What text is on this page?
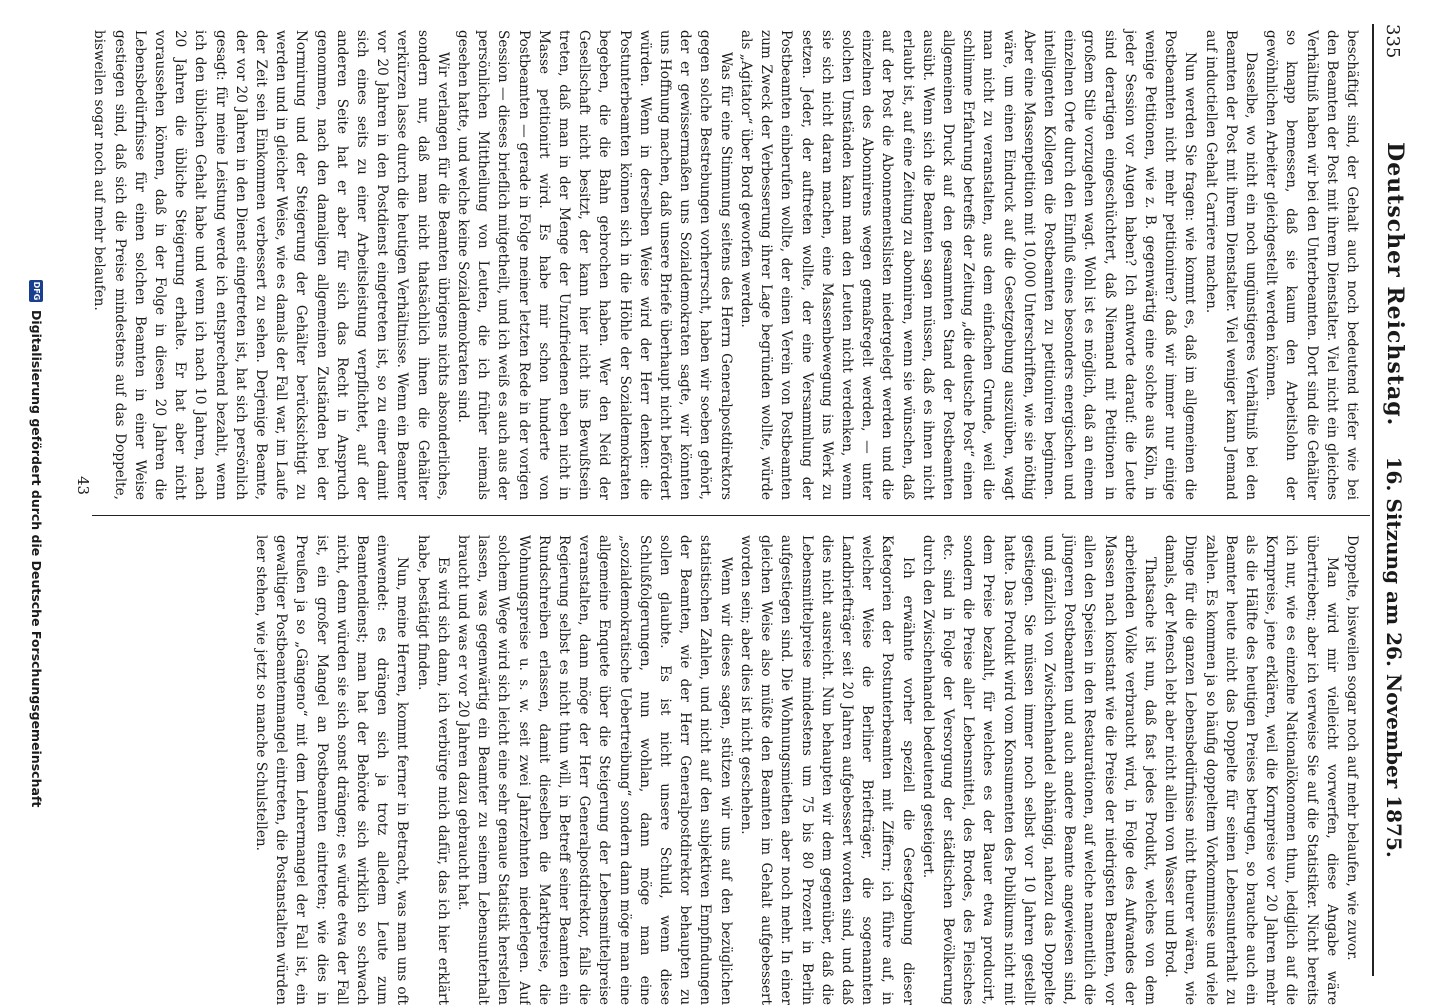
335
Deutscher Reichstag.

16. Sitzung am 26. November 1875.

beschäftigt sind, der Gehalt auch noch bedeutend tiefer wie bei den Beamten der Post mit ihrem Dienstalter. Viel nicht ein gleiches Verhältniß haben wir bei den Unterbeamten. Dort sind die Gehälter so knapp bemessen, daß sie kaum den Arbeitslohn der gewöhnlichen Arbeiter gleichgestellt werden können.

Dasselbe, wo nicht ein noch ungünstigeres Verhältniß bei den Beamten der Post mit ihrem Dienstalter. Viel weniger kann Jemand auf inductiellen Gehalt Carriere machen.

Nun werden Sie fragen: wie kommt es, daß im allgemeinen die Postbeamten nicht mehr petitioniren? daß wir immer nur einige wenige Petitionen, wie z. B. gegenwärtig eine solche aus Köln, in jeder Session vor Augen haben? Ich antworte darauf: die Leute sind derartigen eingeschüchtert, daß Niemand mit Petitionen in großem Stile vorzugehen wagt. Wohl ist es möglich, daß an einem einzelnen Orte durch den Einfluß eines besonders energischen und intelligenten Kollegen die Postbeamten zu petitioniren beginnen. Aber eine Massenpetition mit 10,000 Unterschriften, wie sie nöthig wäre, um einen Eindruck auf die Gesetzgebung auszuüben, wagt man nicht zu veranstalten, aus dem einfachen Grunde, weil die schlimme Erfahrung betreffs der Zeitung „die deutsche Post“ einen allgemeinen Druck auf den gesammten Stand der Postbeamten ausübt. Wenn sich die Beamten sagen müssen, daß es ihnen nicht erlaubt ist, auf eine Zeitung zu abonniren, wenn sie wünschen, daß auf der Post die Abonnementslisten niedergelegt werden und die einzelnen des Abonnirens wegen gemaßregelt werden, — unter solchen Umständen kann man den Leuten nicht verdenken, wenn sie sich nicht daran machen, eine Massenbewegung ins Werk zu setzen. Jeder, der auftreten wollte, der eine Versammlung der Postbeamten einberufen wollte, der einen Verein von Postbeamten zum Zweck der Verbesserung ihrer Lage begründen wollte, würde als „Agitator“ über Bord geworfen werden.

Was für eine Stimmung seitens des Herrn Generalpostdirektors gegen solche Bestrebungen vorherrscht, haben wir soeben gehört, der er gewissermaßen uns Sozialdemokraten sagte, wir könnten uns Hoffnung machen, daß unsere Briefe überhaupt nicht befördert würden. Wenn in derselben Weise wird der Herr denken: die Postunterbeamten können sich in die Höhle der Sozialdemokraten begeben, die die Bahn gebrochen haben. Wer den Neid der Gesellschaft nicht besitzt, der kann hier nicht ins Bewußtsein treten, daß man in der Menge der Unzufriedenen eben nicht in Masse petitionirt wird. Es habe mir schon hunderte von Postbeamten — gerade in Folge meiner letzten Rede in der vorigen Session — dieses brieflich mitgetheilt, und ich weiß es auch aus der persönlichen Mittheilung von Leuten, die ich früher niemals gesehen hatte, und welche keine Sozialdemokraten sind.

Wir verlangen für die Beamten übrigens nichts absonderliches, sondern nur, daß man nicht thatsächlich ihnen die Gehälter verkürzen lasse durch die heutigen Verhältnisse. Wenn ein Beamter vor 20 Jahren in den Postdienst eingetreten ist, so zu einer damit sich eines seits zu einer Arbeitsleistung verpflichtet, auf der anderen Seite hat er aber für sich das Recht in Anspruch genommen, nach den damaligen allgemeinen Zuständen bei der Normirung und der Steigerung der Gehälter berücksichtigt zu werden und in gleicher Weise, wie es damals der Fall war, im Laufe der Zeit sein Einkommen verbessert zu sehen. Derjenige Beamte, der vor 20 Jahren in den Dienst eingetreten ist, hat sich persönlich gesagt: für meine Leistung werde ich entsprechend bezahlt, wenn ich den üblichen Gehalt habe und wenn ich nach 10 Jahren, nach 20 Jahren die übliche Steigerung erhalte. Er hat aber nicht voraussehen können, daß in der Folge in diesen 20 Jahren die Lebensbedürfnisse für einen solchen Beamten in einer Weise gestiegen sind, daß sich die Preise mindestens auf das Doppelte, bisweilen sogar noch auf mehr belaufen.

Doppelte, bisweilen sogar noch auf mehr belaufen, wie zuvor.

Man wird mir vielleicht vorwerfen, diese Angabe wäre übertrieben; aber ich verweise Sie auf die Statistiker. Nicht bereits ich nur, wie es einzelne Nationalökonomen thun, lediglich auf die Kornpreise, jene erklären, weil die Kornpreise vor 20 Jahren mehr als die Hälfte des heutigen Preises betrugen, so brauche auch ein Beamter heute nicht das Doppelte für seinen Lebensunterhalt zu zahlen. Es kommen ja so häufig doppeltem Vorkommnisse und viele Dinge für die ganzen Lebensbedürfnisse nicht theurer wären, wie damals, der Mensch lebt aber nicht allein von Wasser und Brod.

Thatsache ist nun, daß fast jedes Produkt, welches von dem arbeitenden Volke verbraucht wird, in Folge des Aufwandes der Massen nach konstant wie die Preise der niedrigsten Beamten, vor allen den Speisen in den Restaurationen, auf welche namentlich die jüngeren Postbeamten und auch andere Beamte angewiesen sind, und gänzlich von Zwischenhandel abhängig, nahezu das Doppelte gestiegen. Sie müssen immer noch selbst vor 10 Jahren gestellt hatte. Das Produkt wird vom Konsumenten des Publikums nicht mit dem Preise bezahlt, für welches es der Bauer etwa producirt, sondern die Preise aller Lebensmittel, des Brodes, des Fleisches etc. sind in Folge der Versorgung der städtischen Bevölkerung durch den Zwischenhandel bedeutend gesteigert.

Ich erwähnte vorher speziell die Gesetzgebung dieser Kategorien der Postunterbeamten mit Ziffern; ich führe auf, in welcher Weise die Berliner Briefträger, die sogenannten Landbriefträger seit 20 Jahren aufgebessert worden sind, und daß dies nicht ausreicht. Nun behaupten wir dem gegenüber, daß die Lebensmittelpreise mindestens um 75 bis 80 Prozent in Berlin aufgestiegen sind. Die Wohnungsmiethen aber noch mehr. In einer gleichen Weise also müßte den Beamten im Gehalt aufgebessert worden sein; aber dies ist nicht geschehen.

Wenn wir dieses sagen, stützen wir uns auf den bezüglichen statistischen Zahlen, und nicht auf den subjektiven Empfindungen der Beamten, wie der Herr Generalpostdirektor behaupten zu sollen glaubte. Es ist nicht unsere Schuld, wenn diese Schlußfolgerungen, nun wohlan, dann möge man eine „sozialdemokratische Uebertreibung“ sondern dann möge man eine allgemeine Enquete über die Steigerung der Lebensmittelpreise veranstalten, dann möge der Herr Generalpostdirektor, falls die Regierung selbst es nicht thun will, in Betreff seiner Beamten ein Rundschreiben erlassen, damit dieselben die Marktpreise, die Wohnungspreise u. s. w. seit zwei Jahrzehnten niederlegen. Auf solchem Wege wird sich leicht eine sehr genaue Statistik herstellen lassen, was gegenwärtig ein Beamter zu seinem Lebensunterhalt braucht und was er vor 20 Jahren dazu gebraucht hat.

Es wird sich dann, ich verbürge mich dafür, das ich hier erklärt habe, bestätigt finden.

Nun, meine Herren, kommt ferner in Betracht, was man uns oft einwendet: es drängen sich ja trotz alledem Leute zum Beamtendienst; man hat der Behörde sich wirklich so schwach nicht, denn würden sie sich sonst drängen; es würde etwa der Fall ist, ein großer Mangel an Postbeamten eintreten; wie dies in Preußen ja so „Gängeno“ mit dem Lehrermangel der Fall ist, ein gewaltiger Postbeamtenmangel eintreten, die Postanstalten würden leer stehen, wie jetzt so manche Schulstellen.

43
DFG
Digitalisierung gefördert durch die Deutsche Forschungsgemeinschaft
